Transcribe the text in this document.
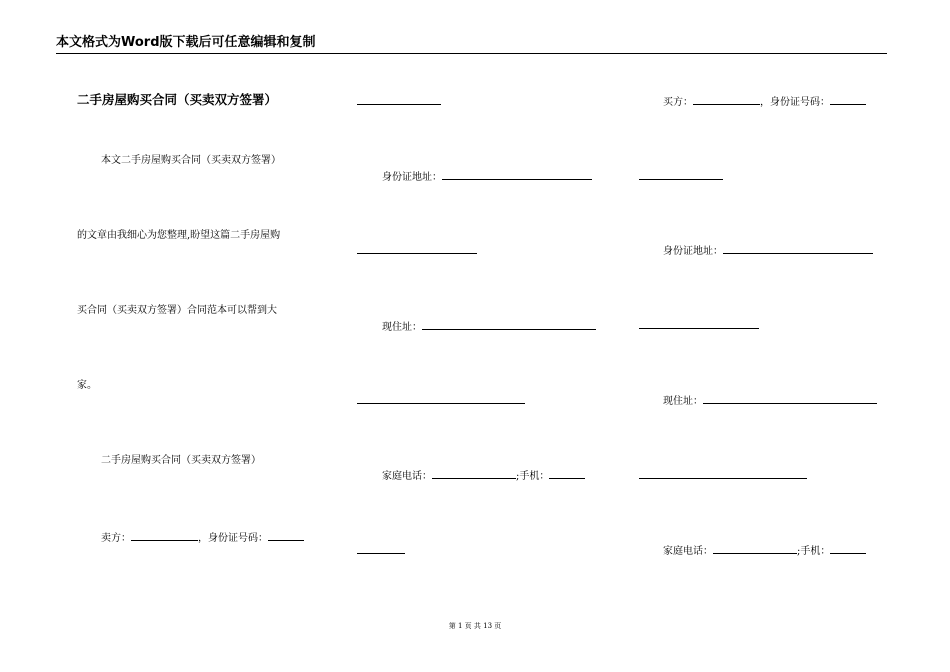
本文格式为Word版下载后可任意编辑和复制
二手房屋购买合同（买卖双方签署）
本文二手房屋购买合同（买卖双方签署）
的文章由我细心为您整理,盼望这篇二手房屋购
买合同（买卖双方签署）合同范本可以帮到大
家。
二手房屋购买合同（买卖双方签署）
卖方：	，身份证号码：
身份证地址：
现住址：
家庭电话：	;手机：
买方：	，身份证号码：
身份证地址：
现住址：
家庭电话：	;手机：
第 1 页 共 13 页
